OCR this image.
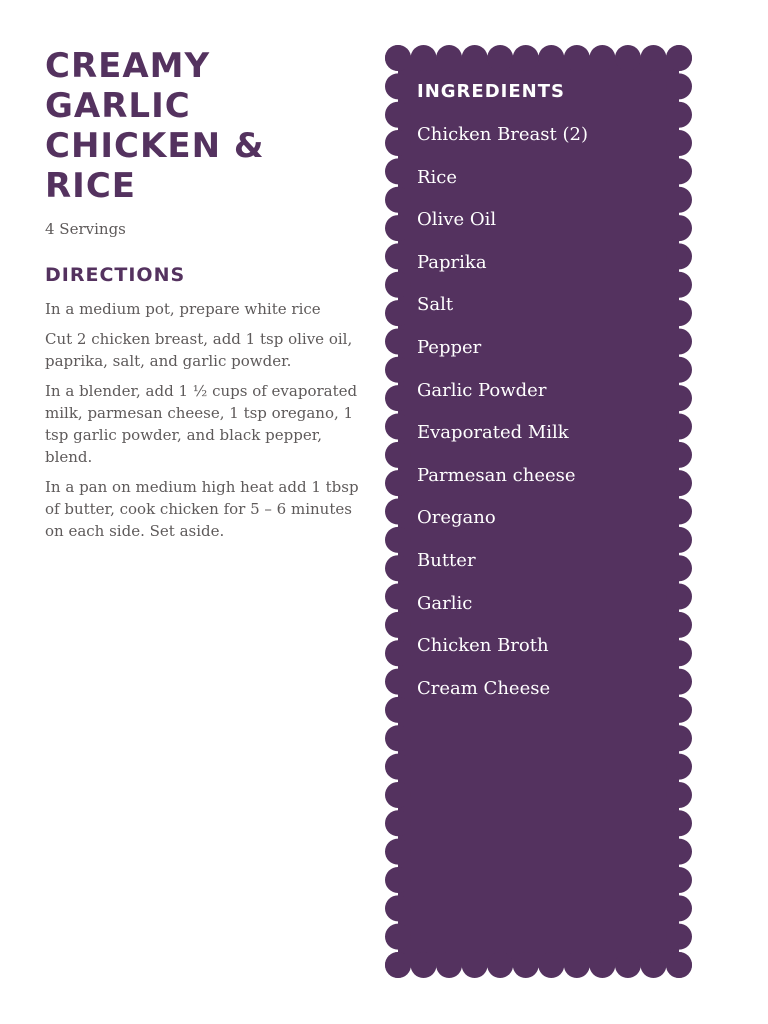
CREAMY GARLIC
CHICKEN & RICE
4 Servings
DIRECTIONS

In a medium pot, prepare white rice

Cut 2 chicken breast, add 1 tsp olive oil, paprika, salt, and garlic powder.

In a blender, add 1 ½ cups of evaporated milk, parmesan cheese, 1 tsp oregano, 1 tsp garlic powder, and black pepper, blend.

In a pan on medium high heat add 1 tbsp of butter, cook chicken for 5 – 6 minutes on each side. Set aside.

INGREDIENTS
Chicken Breast (2)
Rice
Olive Oil
Paprika
Salt
Pepper
Garlic Powder
Evaporated Milk
Parmesan cheese
Oregano
Butter
Garlic
Chicken Broth
Cream Cheese
